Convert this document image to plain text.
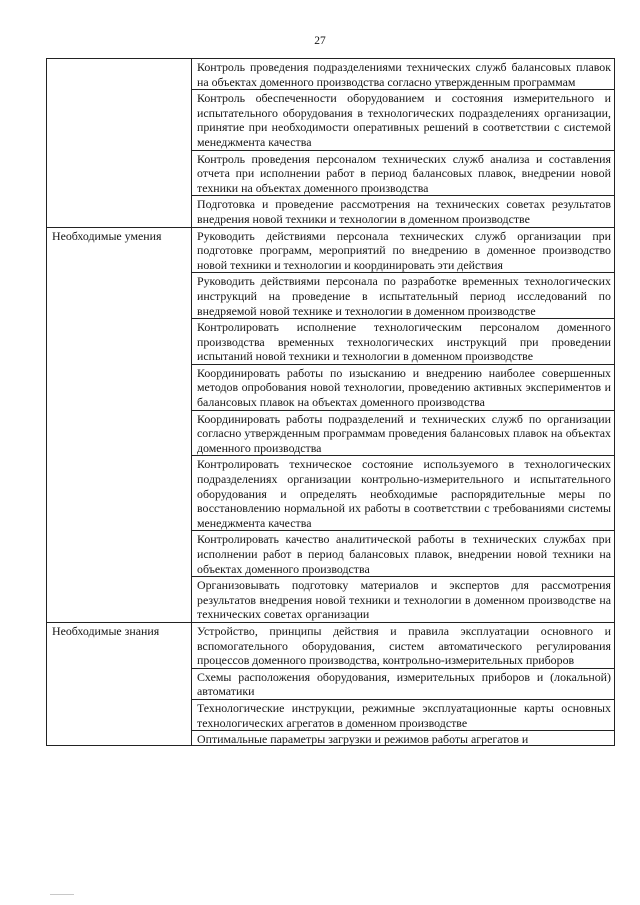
27
	Контроль проведения подразделениями технических служб балансовых плавок на объектах доменного производства согласно утвержденным программам
	Контроль обеспеченности оборудованием и состояния измерительного и испытательного оборудования в технологических подразделениях организации, принятие при необходимости оперативных решений в соответствии с системой менеджмента качества
	Контроль проведения персоналом технических служб анализа и составления отчета при исполнении работ в период балансовых плавок, внедрении новой техники на объектах доменного производства
	Подготовка и проведение рассмотрения на технических советах результатов внедрения новой техники и технологии в доменном производстве
Необходимые умения	Руководить действиями персонала технических служб организации при подготовке программ, мероприятий по внедрению в доменное производство новой техники и технологии и координировать эти действия
	Руководить действиями персонала по разработке временных технологических инструкций на проведение в испытательный период исследований по внедряемой новой технике и технологии в доменном производстве
	Контролировать исполнение технологическим персоналом доменного производства временных технологических инструкций при проведении испытаний новой техники и технологии в доменном производстве
	Координировать работы по изысканию и внедрению наиболее совершенных методов опробования новой технологии, проведению активных экспериментов и балансовых плавок на объектах доменного производства
	Координировать работы подразделений и технических служб по организации согласно утвержденным программам проведения балансовых плавок на объектах доменного производства
	Контролировать техническое состояние используемого в технологических подразделениях организации контрольно-измерительного и испытательного оборудования и определять необходимые распорядительные меры по восстановлению нормальной их работы в соответствии с требованиями системы менеджмента качества
	Контролировать качество аналитической работы в технических службах при исполнении работ в период балансовых плавок, внедрении новой техники на объектах доменного производства
	Организовывать подготовку материалов и экспертов для рассмотрения результатов внедрения новой техники и технологии в доменном производстве на технических советах организации
Необходимые знания	Устройство, принципы действия и правила эксплуатации основного и вспомогательного оборудования, систем автоматического регулирования процессов доменного производства, контрольно-измерительных приборов
	Схемы расположения оборудования, измерительных приборов и (локальной) автоматики
	Технологические инструкции, режимные эксплуатационные карты основных технологических агрегатов в доменном производстве

	Оптимальные параметры загрузки и режимов работы агрегатов и
